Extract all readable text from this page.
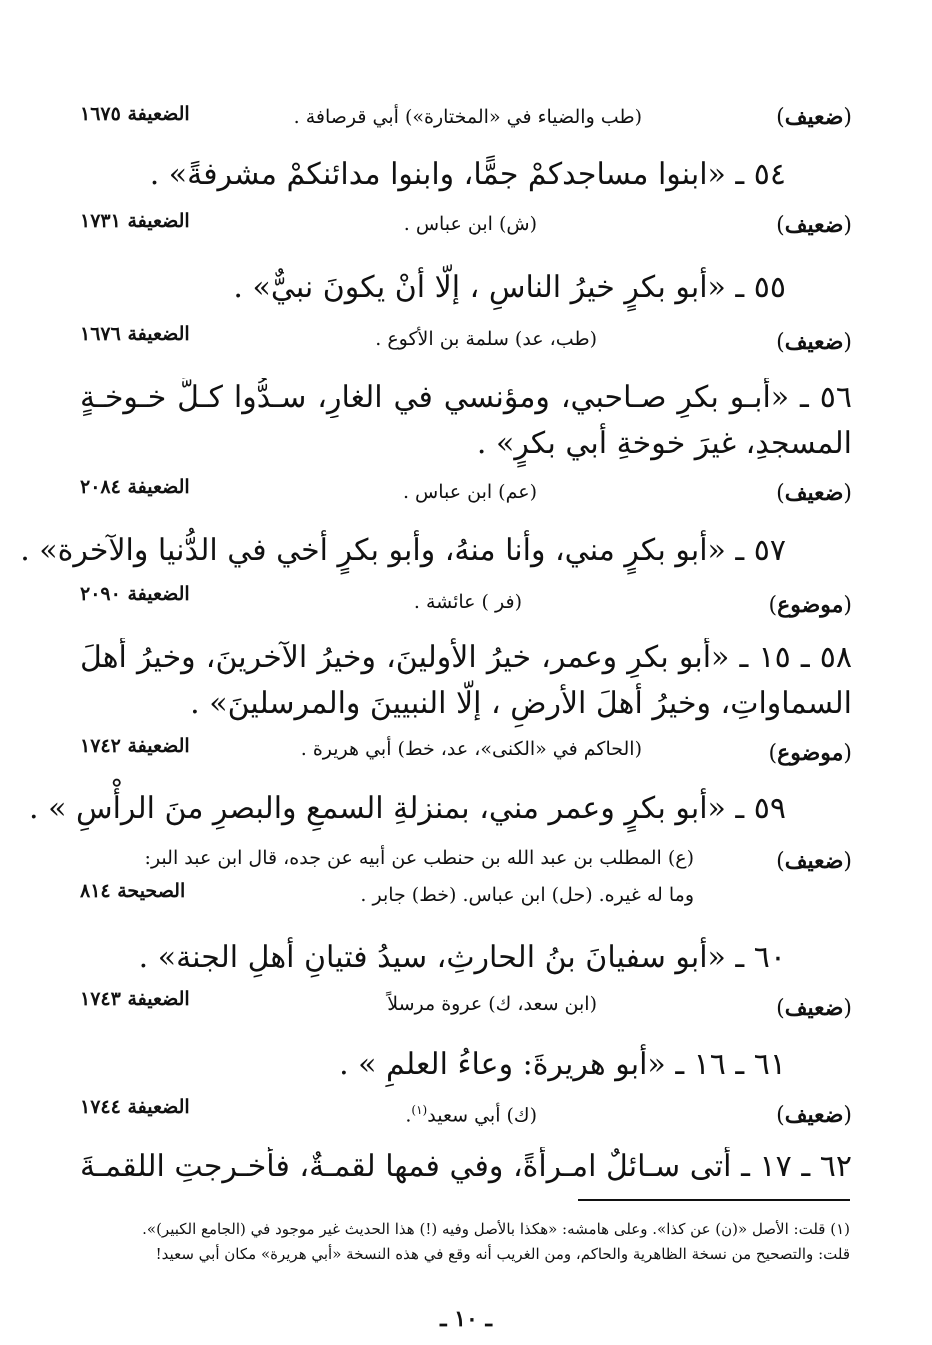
( ضعيف )
(طب والضياء في «المختارة») أبي قرصافة .
الضعيفة ١٦٧٥
٥٤ ـ «ابنوا مساجدكمْ جمًّا، وابنوا مدائنكمْ مشرفةً» .
( ضعيف )
(ش) ابن عباس .
الضعيفة ١٧٣١
٥٥ ـ «أبو بكرٍ خيرُ الناسِ ، إلّا أنْ يكونَ نبيٌّ» .
( ضعيف )
(طب، عد) سلمة بن الأكوع .
الضعيفة ١٦٧٦
٥٦ ـ «أبـو بكرٍ صـاحبي، ومؤنسي في الغارِ، سـدُّوا كـلَّ خـوخـةٍ
المسجدِ، غيرَ خوخةِ أبي بكرٍ» .
( ضعيف )
(عم) ابن عباس .
الضعيفة ٢٠٨٤
٥٧ ـ «أبو بكرٍ مني، وأنا منهُ، وأبو بكرٍ أخي في الدُّنيا والآخرة» .
( موضوع )
(فر ) عائشة .
الضعيفة ٢٠٩٠
٥٨ ـ ١٥ ـ «أبو بكرٍ وعمر، خيرُ الأولينَ، وخيرُ الآخرينَ، وخيرُ أهلَ
السماواتِ، وخيرُ أهلَ الأرضِ ، إلّا النبيينَ والمرسلينَ» .
( موضوع )
(الحاكم في «الكنى»، عد، خط) أبي هريرة .
الضعيفة ١٧٤٢
٥٩ ـ «أبو بكرٍ وعمر مني، بمنزلةِ السمعِ والبصرِ منَ الرأْسِ » .
( ضعيف )
(ع) المطلب بن عبد الله بن حنطب عن أبيه عن جده، قال ابن عبد البر:
وما له غيره. (حل) ابن عباس. (خط) جابر .
الصحيحة ٨١٤
٦٠ ـ «أبو سفيانَ بنُ الحارثِ، سيدُ فتيانِ أهلِ الجنة» .
( ضعيف )
(ابن سعد، ك) عروة مرسلاً
الضعيفة ١٧٤٣
٦١ ـ ١٦ ـ «أبو هريرةَ: وعاءُ العلمِ » .
( ضعيف )
(ك) أبي سعيد$^{(١)}$.
الضعيفة ١٧٤٤
٦٢ ـ ١٧ ـ أتى سـائلٌ امـرأةً، وفي فمها لقمـةٌ، فأخـرجتِ اللقمـةَ
(١) قلت: الأصل «(ن) عن كذا». وعلى هامشه: «هكذا بالأصل وفيه (!) هذا الحديث غير موجود في (الجامع الكبير)».
قلت: والتصحيح من نسخة الظاهرية والحاكم، ومن الغريب أنه وقع في هذه النسخة «أبي هريرة» مكان أبي سعيد!
ـ ١٠ ـ
